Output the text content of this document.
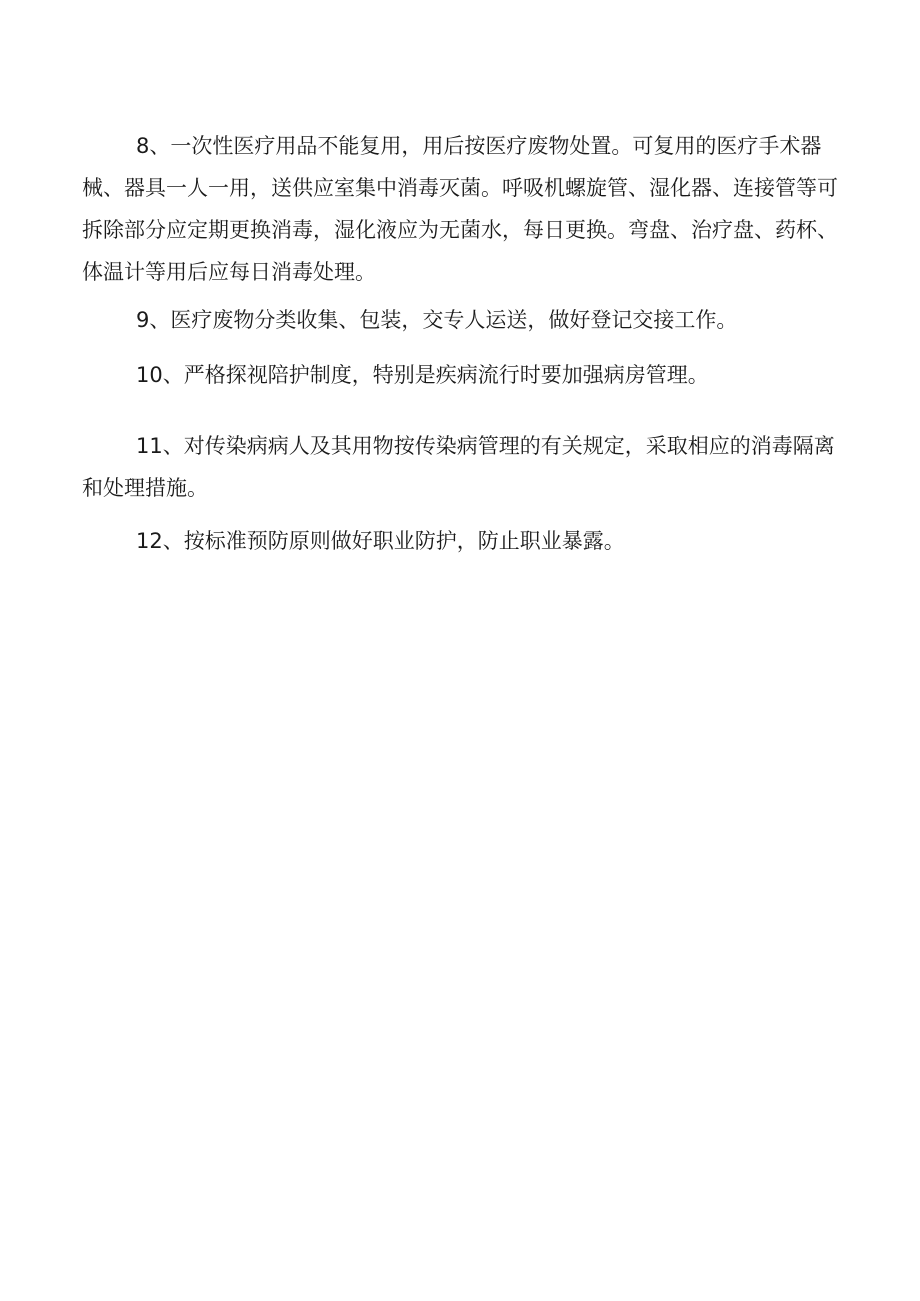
8、一次性医疗用品不能复用，用后按医疗废物处置。可复用的医疗手术器械、器具一人一用，送供应室集中消毒灭菌。呼吸机螺旋管、湿化器、连接管等可拆除部分应定期更换消毒，湿化液应为无菌水，每日更换。弯盘、治疗盘、药杯、体温计等用后应每日消毒处理。

9、医疗废物分类收集、包装，交专人运送，做好登记交接工作。

10、严格探视陪护制度，特别是疾病流行时要加强病房管理。

11、对传染病病人及其用物按传染病管理的有关规定，采取相应的消毒隔离和处理措施。

12、按标准预防原则做好职业防护，防止职业暴露。
